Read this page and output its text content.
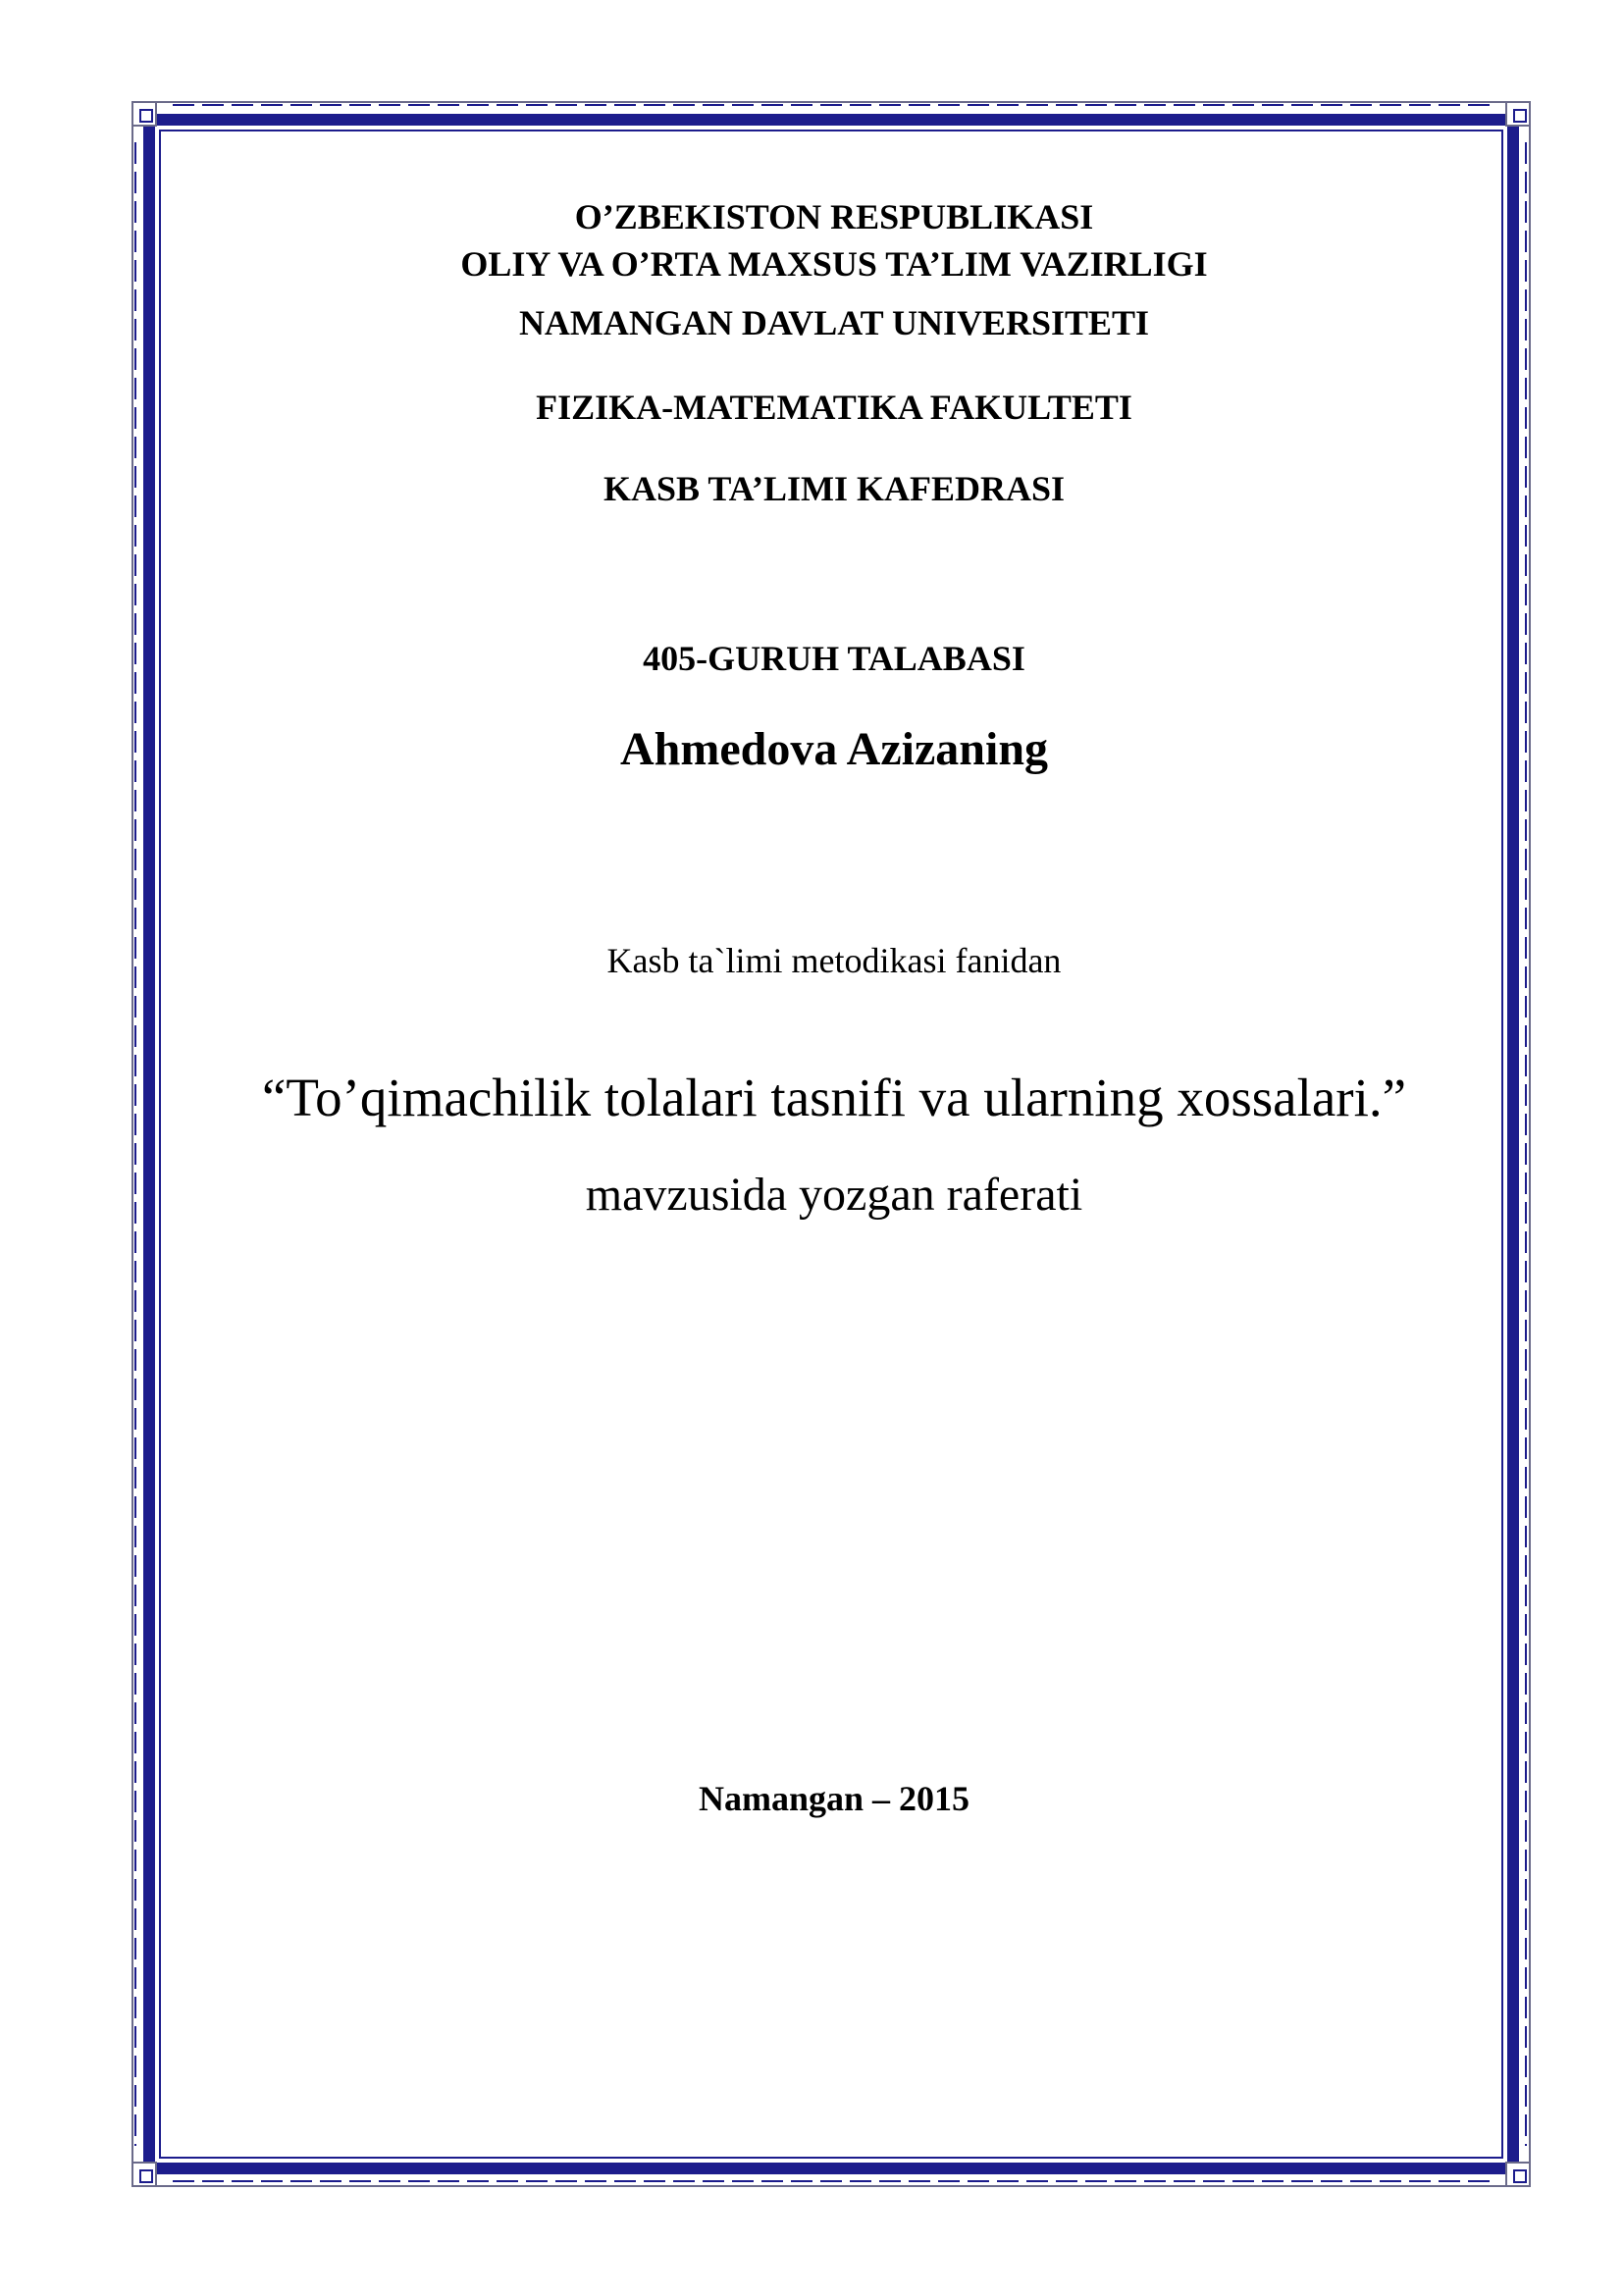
O’ZBEKISTON RESPUBLIKASI
OLIY VA O’RTA MAXSUS TA’LIM VAZIRLIGI
NAMANGAN DAVLAT UNIVERSITETI
FIZIKA-MATEMATIKA FAKULTETI
KASB TA’LIMI KAFEDRASI
405-GURUH TALABASI
Ahmedova Azizaning
Kasb ta`limi metodikasi fanidan
“To’qimachilik tolalari tasnifi va ularning xossalari.”
mavzusida yozgan raferati
Namangan – 2015
